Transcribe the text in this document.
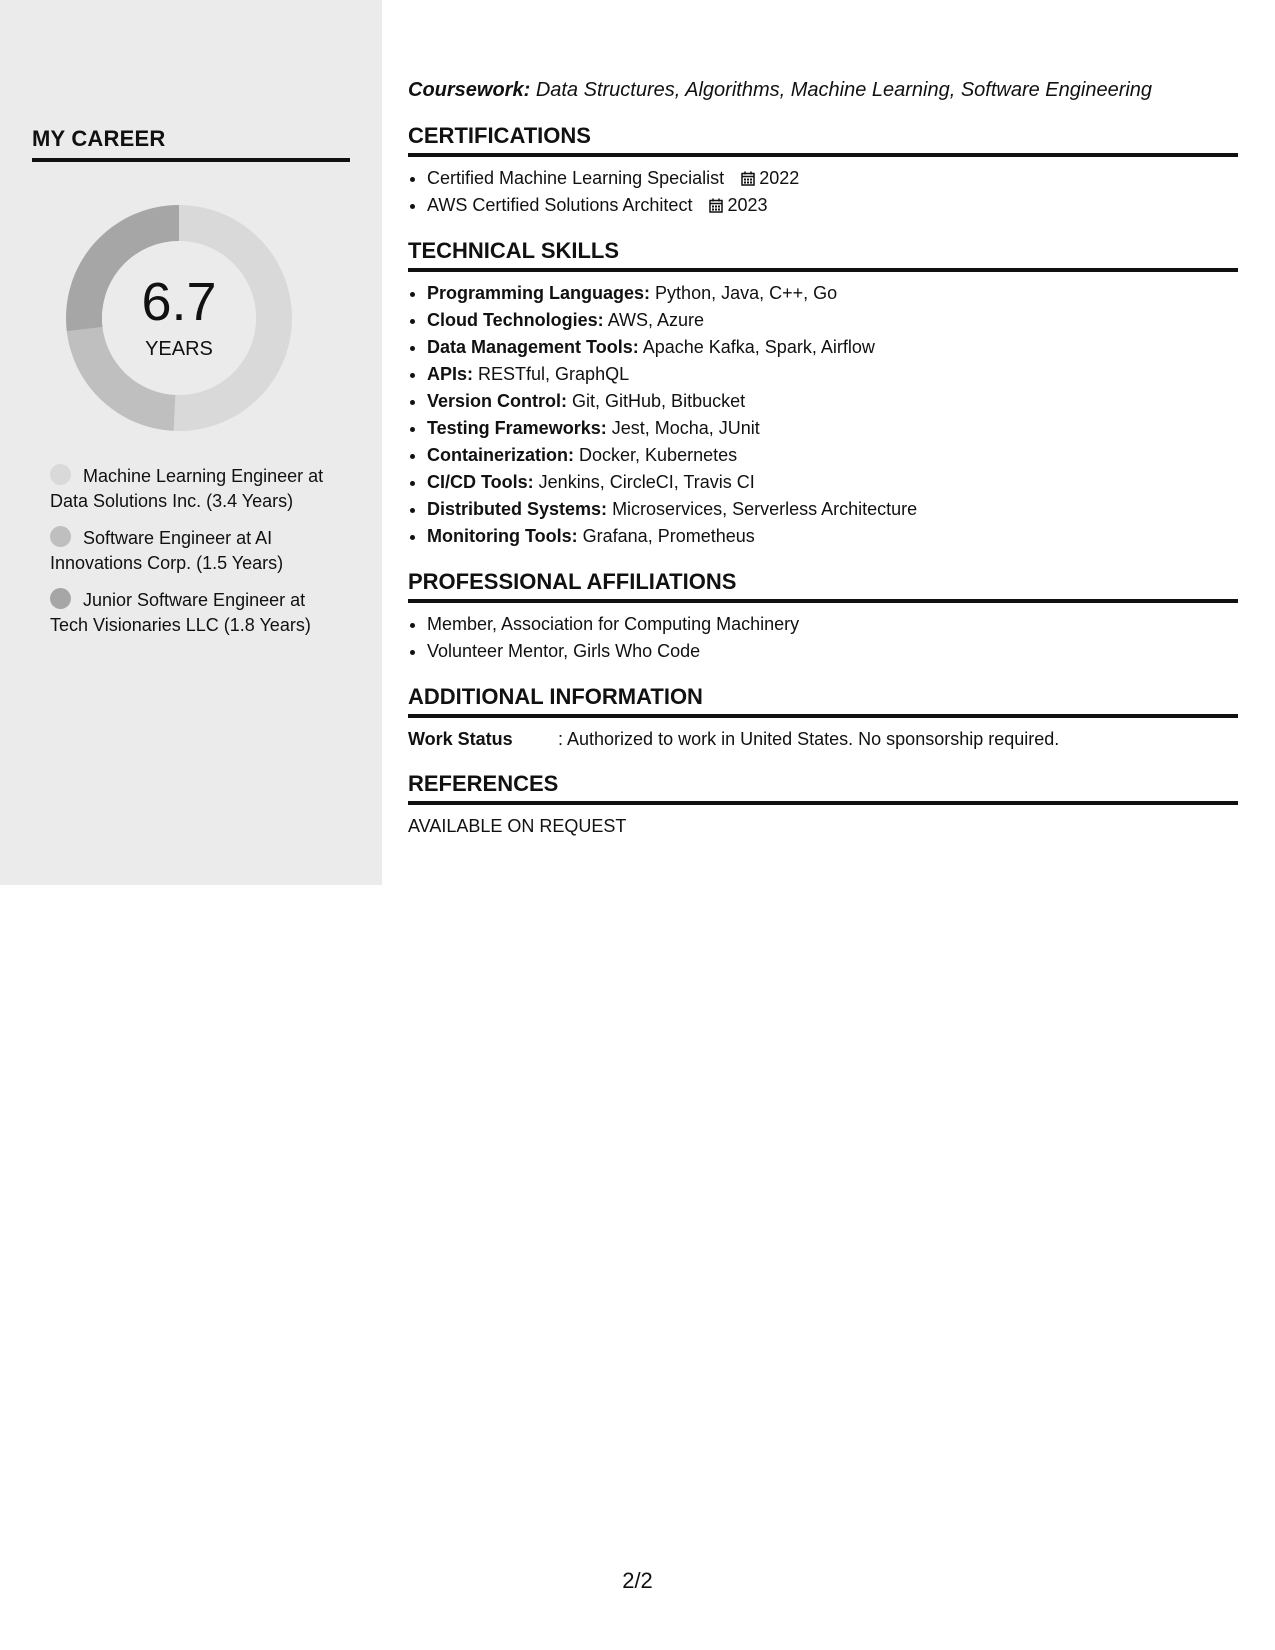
MY CAREER
6.7
YEARS
Machine Learning Engineer at Data Solutions Inc. (3.4 Years)
Software Engineer at AI Innovations Corp. (1.5 Years)
Junior Software Engineer at Tech Visionaries LLC (1.8 Years)

Coursework: Data Structures, Algorithms, Machine Learning, Software Engineering

CERTIFICATIONS
• Certified Machine Learning Specialist 2022
• AWS Certified Solutions Architect 2023
TECHNICAL SKILLS
• Programming Languages: Python, Java, C++, Go
• Cloud Technologies: AWS, Azure
• Data Management Tools: Apache Kafka, Spark, Airflow
• APIs: RESTful, GraphQL
• Version Control: Git, GitHub, Bitbucket
• Testing Frameworks: Jest, Mocha, JUnit
• Containerization: Docker, Kubernetes
• CI/CD Tools: Jenkins, CircleCI, Travis CI
• Distributed Systems: Microservices, Serverless Architecture
• Monitoring Tools: Grafana, Prometheus
PROFESSIONAL AFFILIATIONS
• Member, Association for Computing Machinery
• Volunteer Mentor, Girls Who Code
ADDITIONAL INFORMATION
Work Status	: Authorized to work in United States. No sponsorship required.
REFERENCES

AVAILABLE ON REQUEST

2/2
